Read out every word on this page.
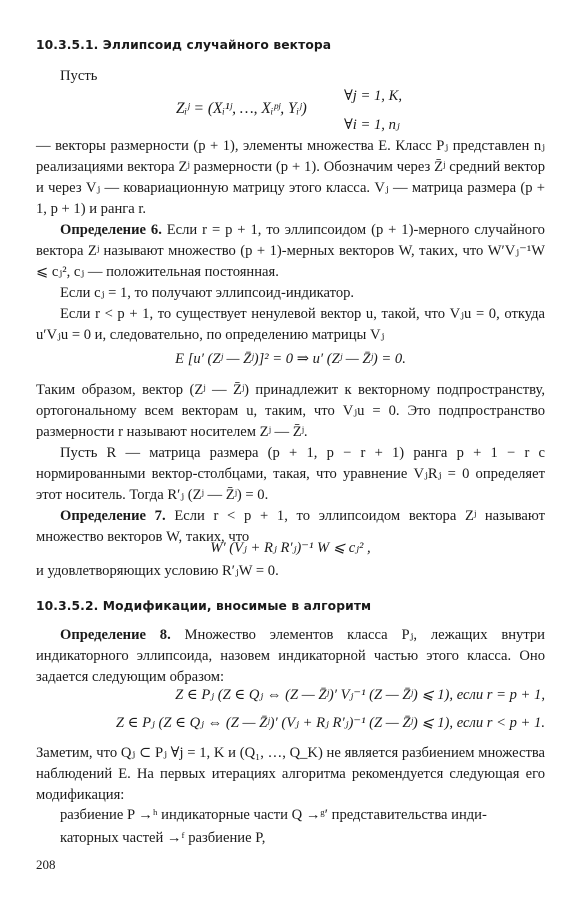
10.3.5.1. Эллипсоид случайного вектора
Пусть
Zᵢʲ = (Xᵢ¹ʲ, …, Xᵢᵖʲ, Yᵢʲ)
∀j = 1, K,
∀i = 1, nⱼ

— векторы размерности (p + 1), элементы множества E. Класс Pⱼ представлен nⱼ реализациями вектора Zʲ размерности (p + 1). Обозначим через Z̄ʲ средний вектор и через Vⱼ — ковариационную матрицу этого класса. Vⱼ — матрица размера (p + 1, p + 1) и ранга r.

Определение 6. Если r = p + 1, то эллипсоидом (p + 1)-мерного случайного вектора Zʲ называют множество (p + 1)-мерных векторов W, таких, что W′Vⱼ⁻¹W ⩽ cⱼ², cⱼ — положительная постоянная.

Если cⱼ = 1, то получают эллипсоид-индикатор.

Если r < p + 1, то существует ненулевой вектор u, такой, что Vⱼu = 0, откуда u′Vⱼu = 0 и, следовательно, по определению матрицы Vⱼ

E [u′ (Zʲ — Z̄ʲ)]² = 0 ⇒ u′ (Zʲ — Z̄ʲ) = 0.

Таким образом, вектор (Zʲ — Z̄ʲ) принадлежит к векторному подпространству, ортогональному всем векторам u, таким, что Vⱼu = 0. Это подпространство размерности r называют носителем Zʲ — Z̄ʲ.

Пусть R — матрица размера (p + 1, p − r + 1) ранга p + 1 − r с нормированными вектор-столбцами, такая, что уравнение VⱼRⱼ = 0 определяет этот носитель. Тогда R′ⱼ (Zʲ — Z̄ʲ) = 0.

Определение 7. Если r < p + 1, то эллипсоидом вектора Zʲ называют множество векторов W, таких, что

W′ (Vⱼ + Rⱼ R′ⱼ)⁻¹ W ⩽ cⱼ² ,

и удовлетворяющих условию R′ⱼW = 0.

10.3.5.2. Модификации, вносимые в алгоритм

Определение 8. Множество элементов класса Pⱼ, лежащих внутри индикаторного эллипсоида, назовем индикаторной частью этого класса. Оно задается следующим образом:

Z ∈ Pⱼ (Z ∈ Qⱼ ⇔ (Z — Z̄ʲ)′ Vⱼ⁻¹ (Z — Z̄ʲ) ⩽ 1), если r = p + 1,
Z ∈ Pⱼ (Z ∈ Qⱼ ⇔ (Z — Z̄ʲ)′ (Vⱼ + Rⱼ R′ⱼ)⁻¹ (Z — Z̄ʲ) ⩽ 1), если r < p + 1.

Заметим, что Qⱼ ⊂ Pⱼ ∀j = 1, K и (Q₁, …, Q_K) не является разбиением множества наблюдений E. На первых итерациях алгоритма рекомендуется следующая его модификация:

разбиение P →ʰ индикаторные части Q →ᵍ′ представительства инди-
каторных частей →ᶠ разбиение P,
208
